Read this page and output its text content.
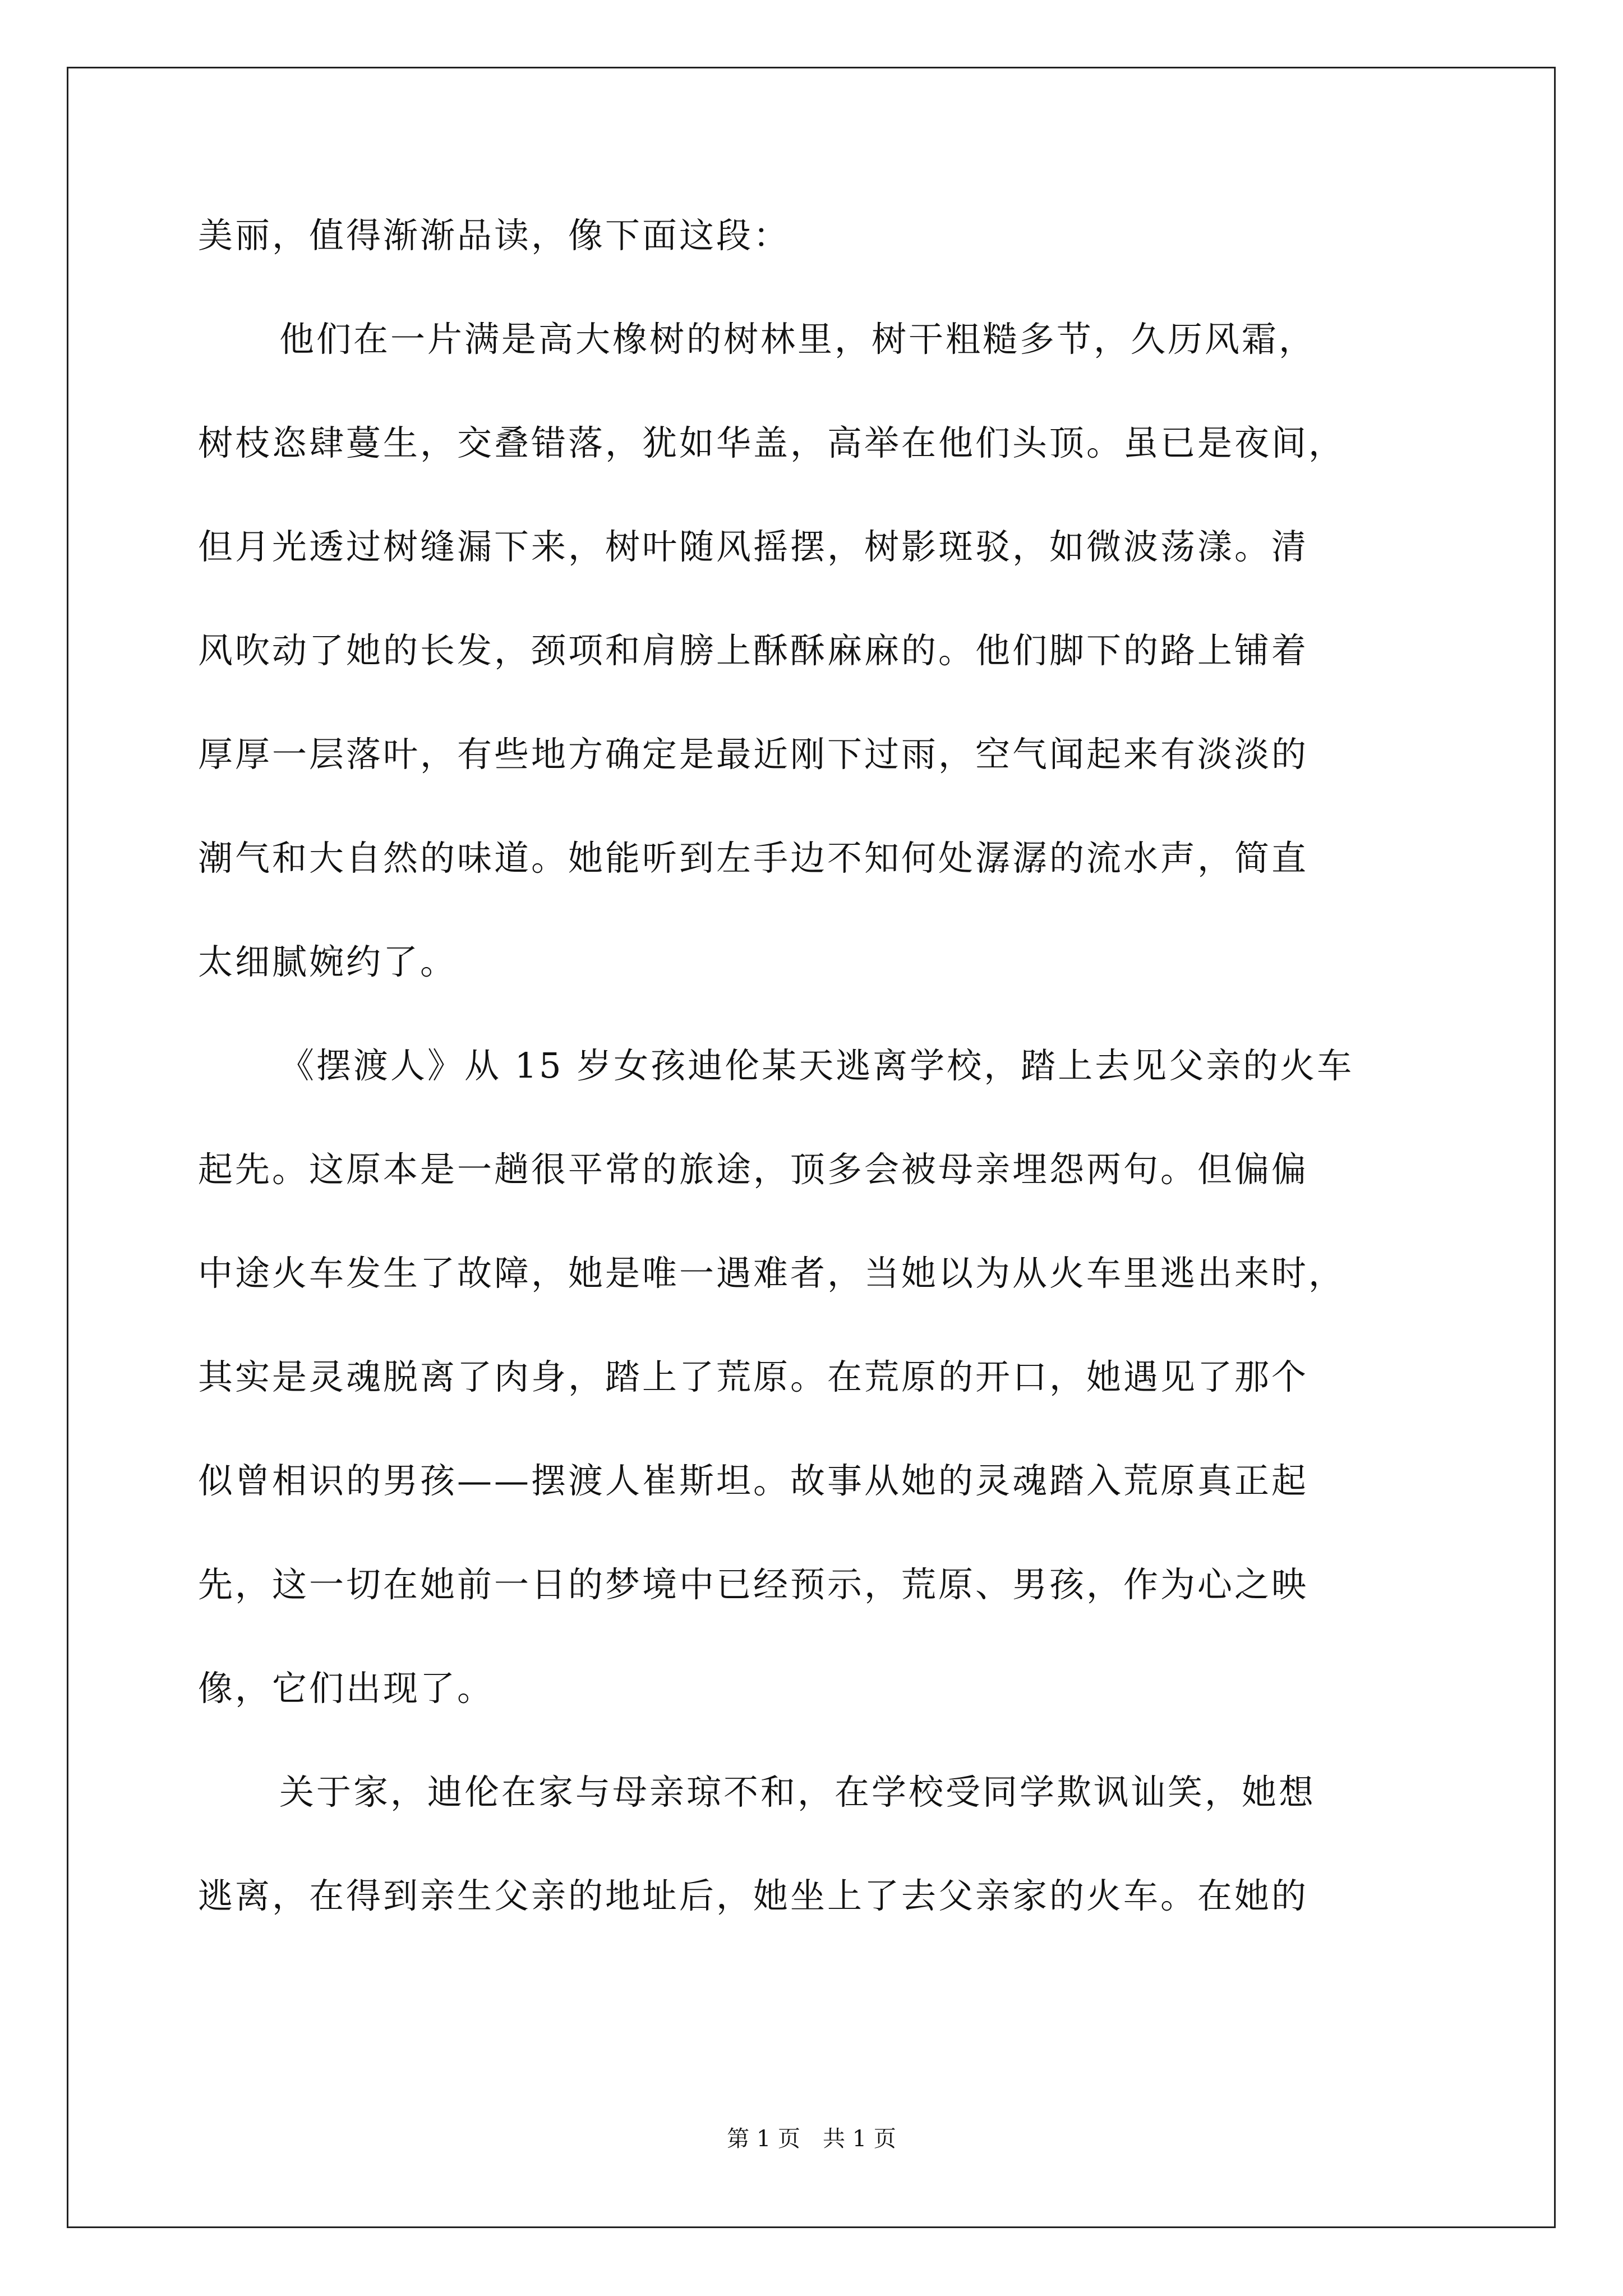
美丽，值得渐渐品读，像下面这段：
他们在一片满是高大橡树的树林里，树干粗糙多节，久历风霜，
树枝恣肆蔓生，交叠错落，犹如华盖，高举在他们头顶。虽已是夜间，
但月光透过树缝漏下来，树叶随风摇摆，树影斑驳，如微波荡漾。清
风吹动了她的长发，颈项和肩膀上酥酥麻麻的。他们脚下的路上铺着
厚厚一层落叶，有些地方确定是最近刚下过雨，空气闻起来有淡淡的
潮气和大自然的味道。她能听到左手边不知何处潺潺的流水声，简直
太细腻婉约了。
《摆渡人》从 15 岁女孩迪伦某天逃离学校，踏上去见父亲的火车
起先。这原本是一趟很平常的旅途，顶多会被母亲埋怨两句。但偏偏
中途火车发生了故障，她是唯一遇难者，当她以为从火车里逃出来时，
其实是灵魂脱离了肉身，踏上了荒原。在荒原的开口，她遇见了那个
似曾相识的男孩——摆渡人崔斯坦。故事从她的灵魂踏入荒原真正起
先，这一切在她前一日的梦境中已经预示，荒原、男孩，作为心之映
像，它们出现了。
关于家，迪伦在家与母亲琼不和，在学校受同学欺讽讪笑，她想
逃离，在得到亲生父亲的地址后，她坐上了去父亲家的火车。在她的
第 1 页　共 1 页
